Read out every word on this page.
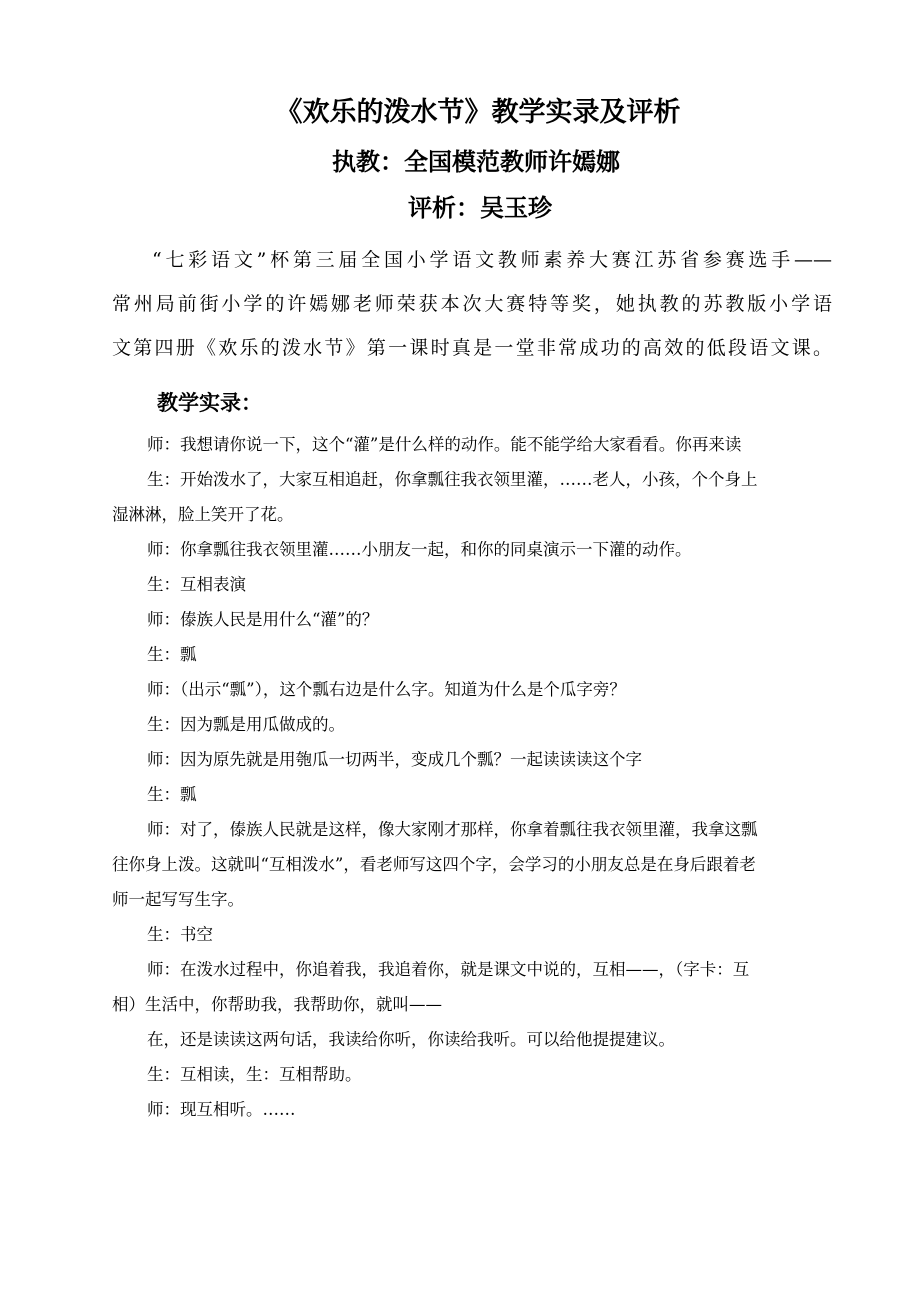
《欢乐的泼水节》教学实录及评析
执教：全国模范教师许嫣娜
评析：吴玉珍
“七彩语文”杯第三届全国小学语文教师素养大赛江苏省参赛选手——
常州局前街小学的许嫣娜老师荣获本次大赛特等奖，她执教的苏教版小学语
文第四册《欢乐的泼水节》第一课时真是一堂非常成功的高效的低段语文课。
教学实录：
师：我想请你说一下，这个“灌”是什么样的动作。能不能学给大家看看。你再来读
生：开始泼水了，大家互相追赶，你拿瓢往我衣领里灌，……老人，小孩，个个身上
湿淋淋，脸上笑开了花。
师：你拿瓢往我衣领里灌……小朋友一起，和你的同桌演示一下灌的动作。
生：互相表演
师：傣族人民是用什么“灌”的？
生：瓢
师：（出示“瓢”），这个瓢右边是什么字。知道为什么是个瓜字旁？
生：因为瓢是用瓜做成的。
师：因为原先就是用匏瓜一切两半，变成几个瓢？一起读读读这个字
生：瓢
师：对了，傣族人民就是这样，像大家刚才那样，你拿着瓢往我衣领里灌，我拿这瓢
往你身上泼。这就叫“互相泼水”，看老师写这四个字，会学习的小朋友总是在身后跟着老
师一起写写生字。
生：书空
师：在泼水过程中，你追着我，我追着你，就是课文中说的，互相——，（字卡：互
相）生活中，你帮助我，我帮助你，就叫——
在，还是读读这两句话，我读给你听，你读给我听。可以给他提提建议。
生：互相读，生：互相帮助。
师：现互相听。……
